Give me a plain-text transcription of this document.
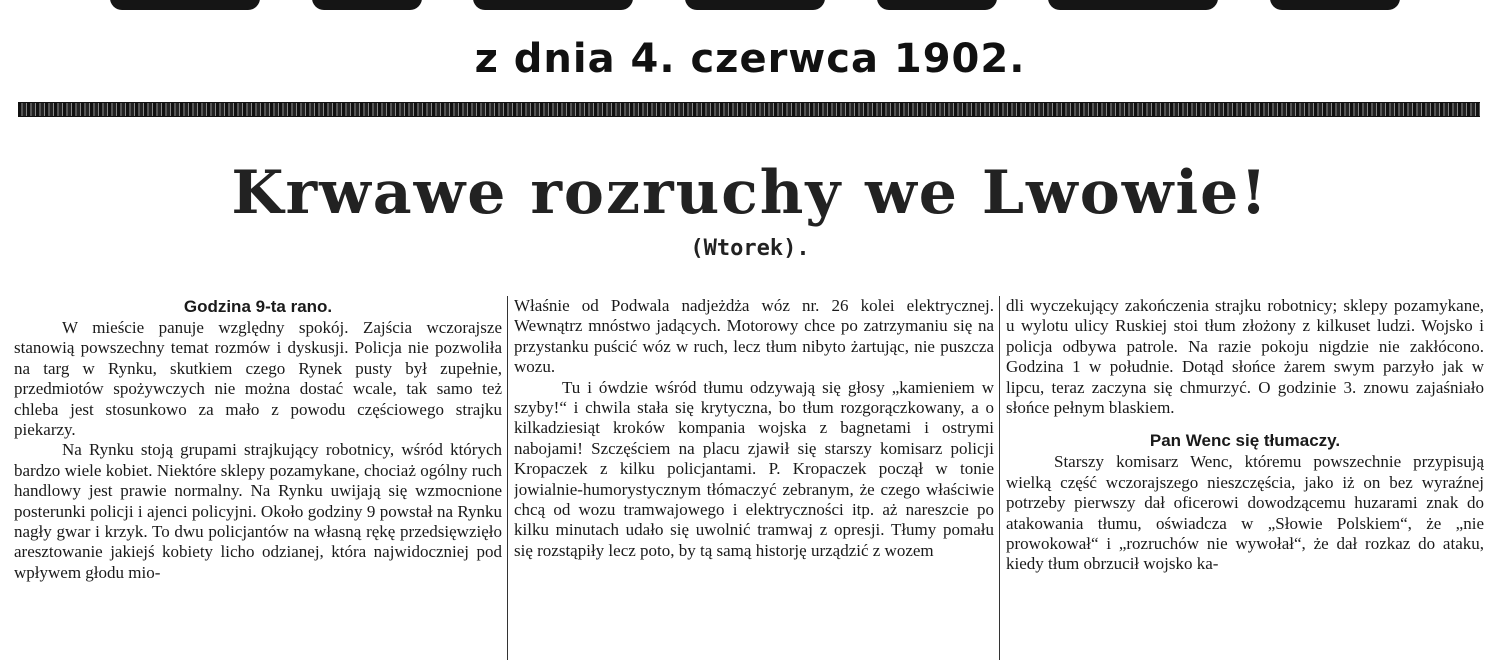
z dnia 4. czerwca 1902.
Krwawe rozruchy we Lwowie!
(Wtorek).
Godzina 9-ta rano.

W mieście panuje względny spokój. Zajścia wczorajsze stanowią powszechny temat rozmów i dyskusji. Policja nie pozwoliła na targ w Rynku, skutkiem czego Rynek pusty był zupełnie, przedmiotów spożywczych nie można dostać wcale, tak samo też chleba jest stosunkowo za mało z powodu częściowego strajku piekarzy.

Na Rynku stoją grupami strajkujący robotnicy, wśród których bardzo wiele kobiet. Niektóre sklepy pozamykane, chociaż ogólny ruch handlowy jest prawie normalny. Na Rynku uwijają się wzmocnione posterunki policji i ajenci policyjni. Około godziny 9 powstał na Rynku nagły gwar i krzyk. To dwu policjantów na własną rękę przedsięwzięło aresztowanie jakiejś kobiety licho odzianej, która najwidoczniej pod wpływem głodu mio-

Właśnie od Podwala nadjeżdża wóz nr. 26 kolei elektrycznej. Wewnątrz mnóstwo jadących. Motorowy chce po zatrzymaniu się na przystanku puścić wóz w ruch, lecz tłum nibyto żartując, nie puszcza wozu.

Tu i ówdzie wśród tłumu odzywają się głosy „kamieniem w szyby!“ i chwila stała się krytyczna, bo tłum rozgorączkowany, a o kilkadziesiąt kroków kompania wojska z bagnetami i ostrymi nabojami! Szczęściem na placu zjawił się starszy komisarz policji Kropaczek z kilku policjantami. P. Kropaczek począł w tonie jowialnie-humorystycznym tłómaczyć zebranym, że czego właściwie chcą od wozu tramwajowego i elektryczności itp. aż nareszcie po kilku minutach udało się uwolnić tramwaj z opresji. Tłumy pomału się rozstąpiły lecz poto, by tą samą historję urządzić z wozem

dli wyczekujący zakończenia strajku robotnicy; sklepy pozamykane, u wylotu ulicy Ruskiej stoi tłum złożony z kilkuset ludzi. Wojsko i policja odbywa patrole. Na razie pokoju nigdzie nie zakłócono. Godzina 1 w południe. Dotąd słońce żarem swym parzyło jak w lipcu, teraz zaczyna się chmurzyć. O godzinie 3. znowu zajaśniało słońce pełnym blaskiem.

Pan Wenc się tłumaczy.

Starszy komisarz Wenc, któremu powszechnie przypisują wielką część wczorajszego nieszczęścia, jako iż on bez wyraźnej potrzeby pierwszy dał oficerowi dowodzącemu huzarami znak do atakowania tłumu, oświadcza w „Słowie Polskiem“, że „nie prowokował“ i „rozruchów nie wywołał“, że dał rozkaz do ataku, kiedy tłum obrzucił wojsko ka-
